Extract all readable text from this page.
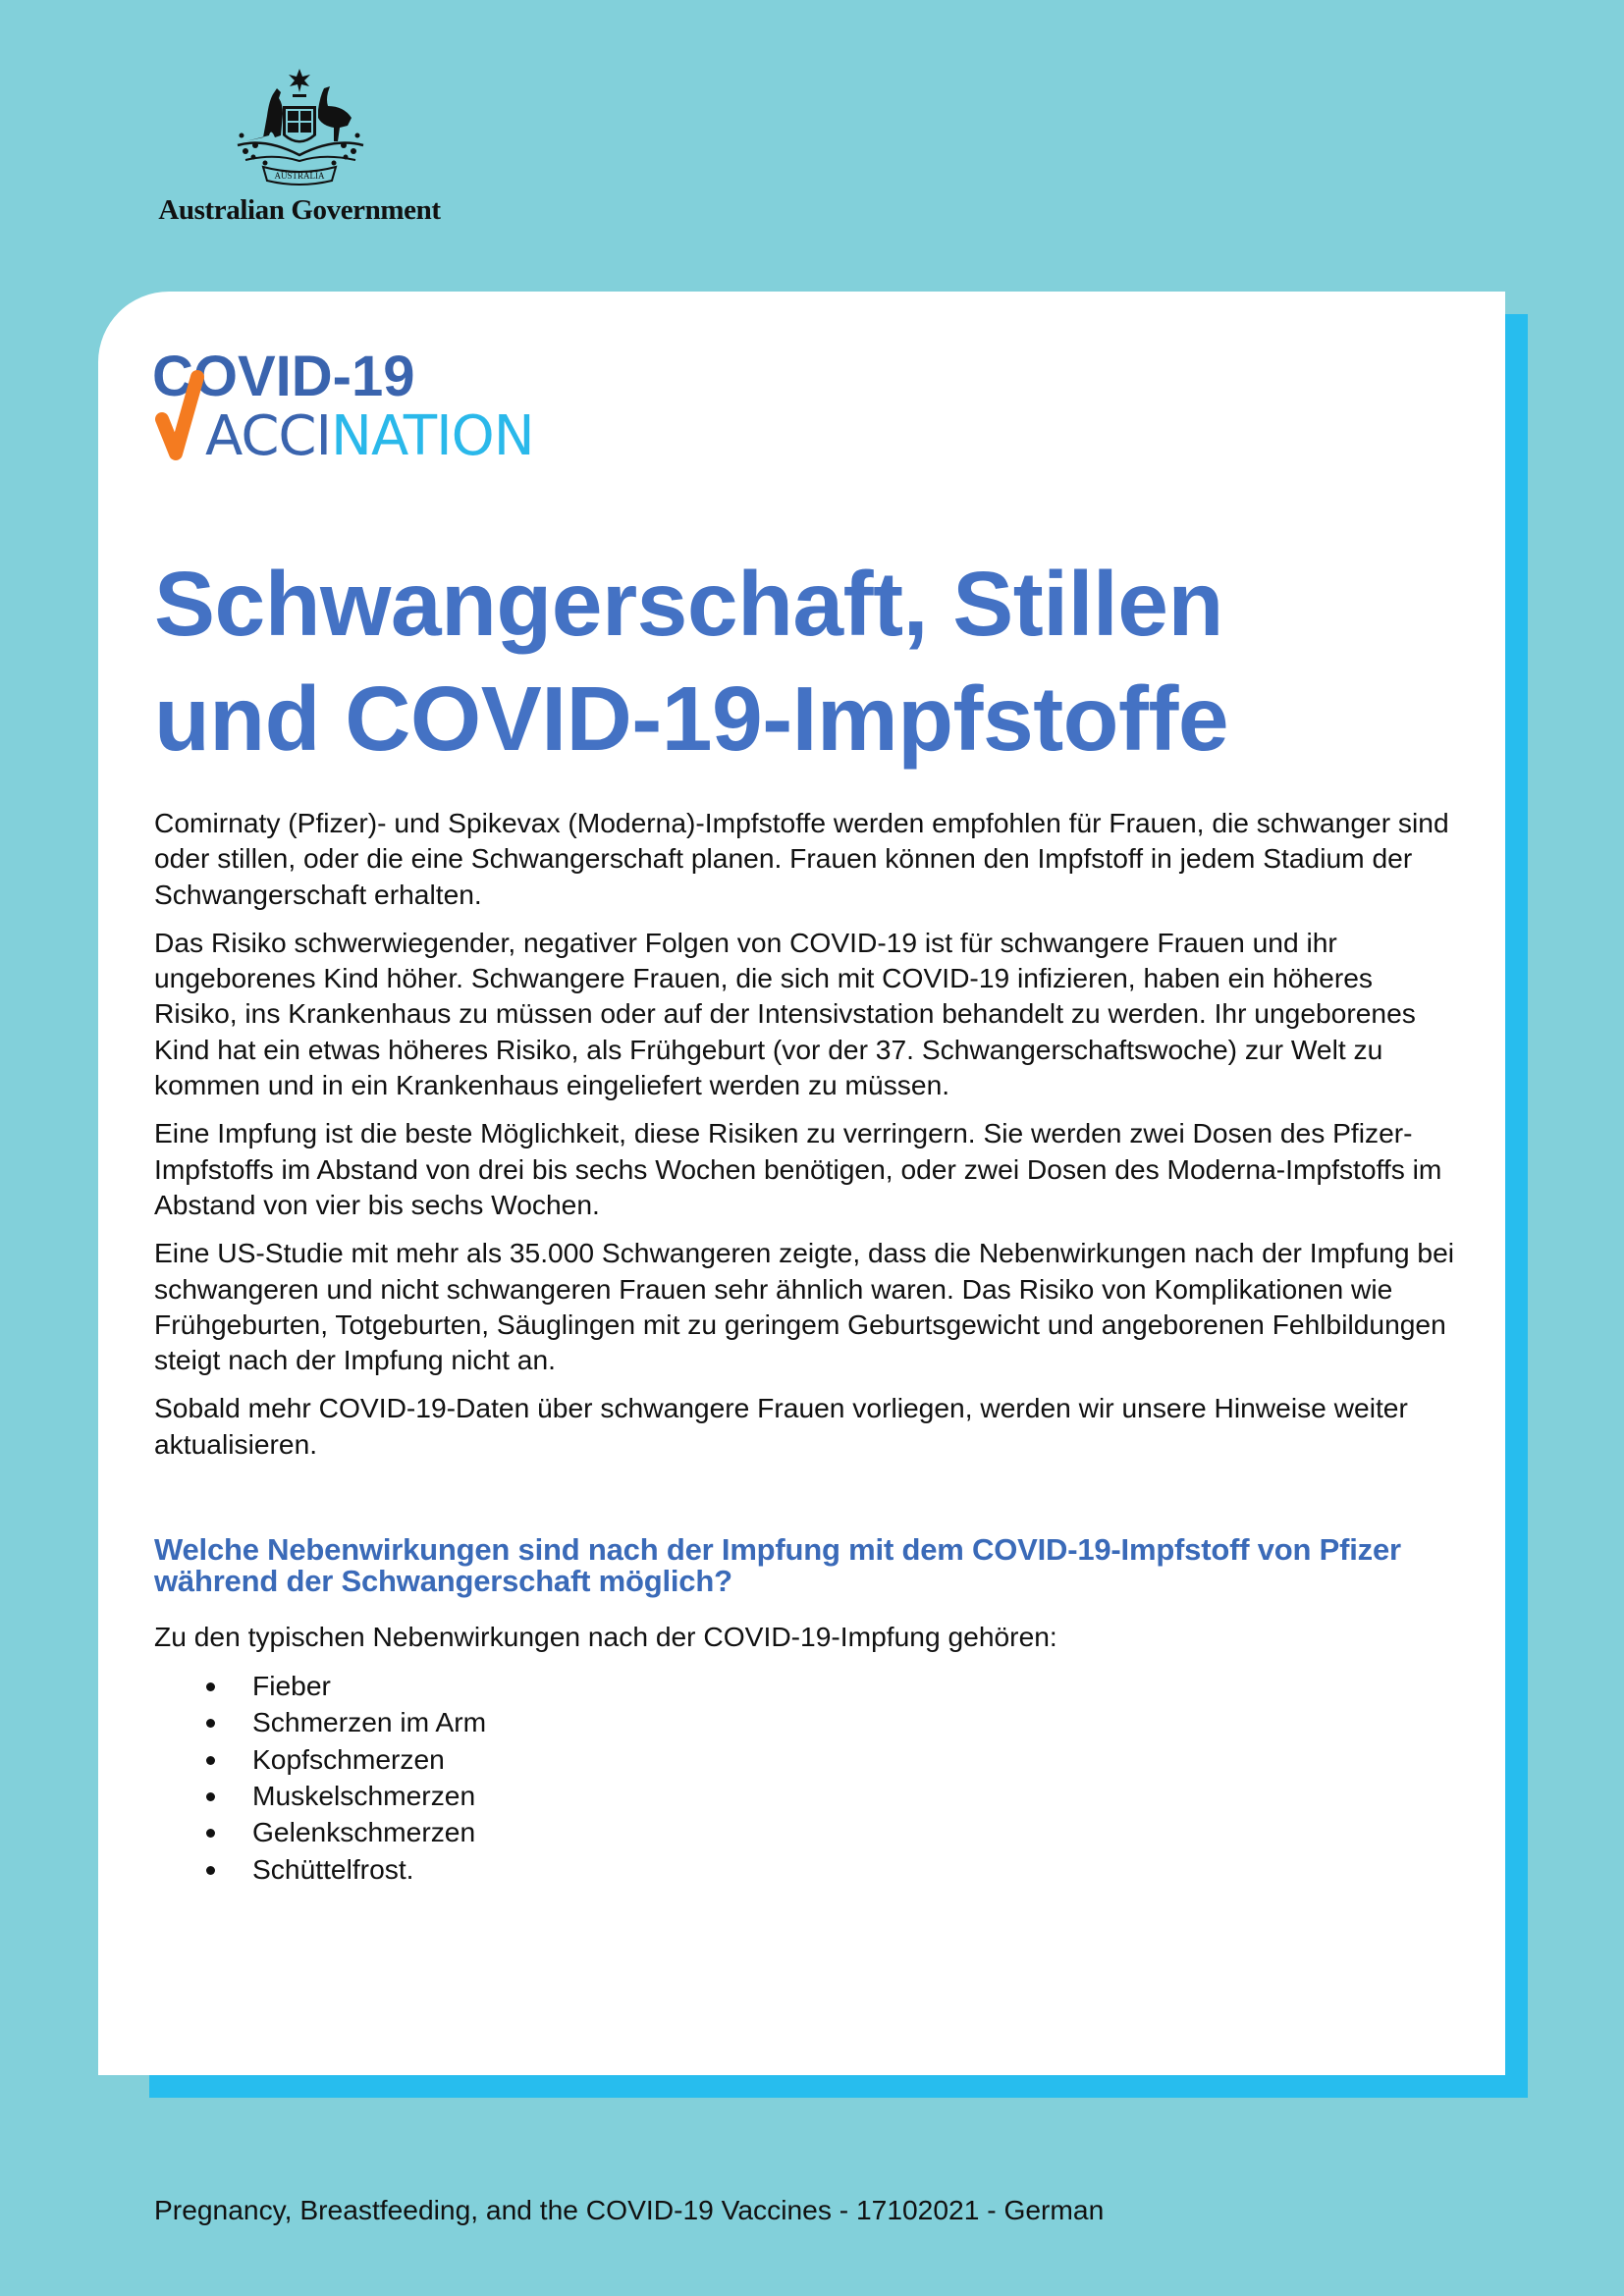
AUSTRALIA
Australian Government
COVID-19
ACCINATION
Schwangerschaft, Stillen
und COVID-19-Impfstoffe

Comirnaty (Pfizer)- und Spikevax (Moderna)-Impfstoffe werden empfohlen für Frauen, die schwanger sind oder stillen, oder die eine Schwangerschaft planen. Frauen können den Impfstoff in jedem Stadium der Schwangerschaft erhalten.

Das Risiko schwerwiegender, negativer Folgen von COVID-19 ist für schwangere Frauen und ihr ungeborenes Kind höher. Schwangere Frauen, die sich mit COVID-19 infizieren, haben ein höheres Risiko, ins Krankenhaus zu müssen oder auf der Intensivstation behandelt zu werden. Ihr ungeborenes Kind hat ein etwas höheres Risiko, als Frühgeburt (vor der 37. Schwangerschaftswoche) zur Welt zu kommen und in ein Krankenhaus eingeliefert werden zu müssen.

Eine Impfung ist die beste Möglichkeit, diese Risiken zu verringern. Sie werden zwei Dosen des Pfizer-Impfstoffs im Abstand von drei bis sechs Wochen benötigen, oder zwei Dosen des Moderna-Impfstoffs im Abstand von vier bis sechs Wochen.

Eine US-Studie mit mehr als 35.000 Schwangeren zeigte, dass die Nebenwirkungen nach der Impfung bei schwangeren und nicht schwangeren Frauen sehr ähnlich waren. Das Risiko von Komplikationen wie Frühgeburten, Totgeburten, Säuglingen mit zu geringem Geburtsgewicht und angeborenen Fehlbildungen steigt nach der Impfung nicht an.

Sobald mehr COVID-19-Daten über schwangere Frauen vorliegen, werden wir unsere Hinweise weiter aktualisieren.

Welche Nebenwirkungen sind nach der Impfung mit dem COVID-19-Impfstoff von Pfizer während der Schwangerschaft möglich?

Zu den typischen Nebenwirkungen nach der COVID-19-Impfung gehören:

Fieber
Schmerzen im Arm
Kopfschmerzen
Muskelschmerzen
Gelenkschmerzen
Schüttelfrost.
Pregnancy, Breastfeeding, and the COVID-19 Vaccines - 17102021 - German
